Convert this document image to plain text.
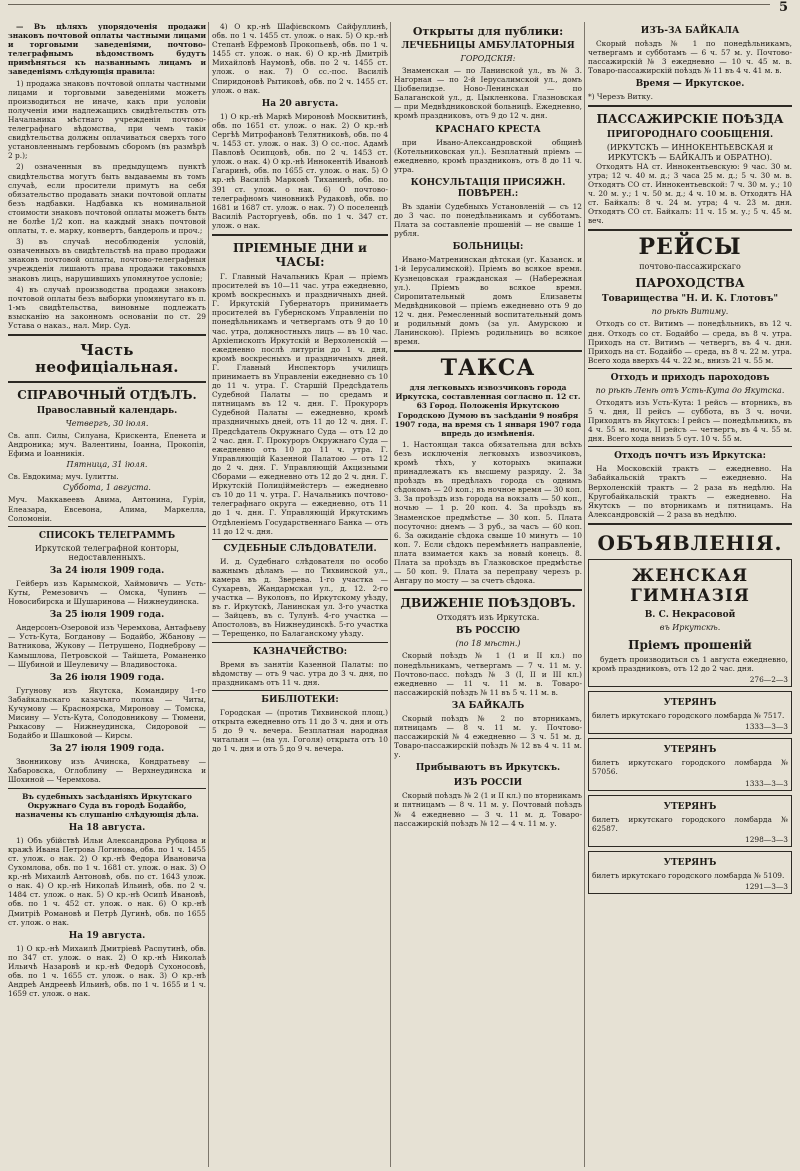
5

— Въ цѣляхъ упорядоченія продажи знаковъ почтовой оплаты частными лицами и торговыми заведеніями, почтово-телеграфнымъ вѣдомствомъ будутъ примѣняться къ названнымъ лицамъ и заведеніямъ слѣдующія правила:

1) продажа знаковъ почтовой оплаты частными лицами и торговыми заведеніями можетъ производиться не иначе, какъ при условіи полученія ими надлежащихъ свидѣтельствъ отъ Начальника мѣстнаго учрежденія почтово-телеграфнаго вѣдомства, при чемъ такія свидѣтельства должны оплачиваться сверхъ того установленнымъ гербовымъ сборомъ (въ размѣрѣ 2 р.);

2) означенныя въ предыдущемъ пунктѣ свидѣтельства могутъ быть выдаваемы въ томъ случаѣ, если просители примутъ на себя обязательство продавать знаки почтовой оплаты безъ надбавки. Надбавка къ номинальной стоимости знаковъ почтовой оплаты можетъ быть не болѣе 1/2 коп. на каждый знакъ почтовой оплаты, т. е. марку, конвертъ, бандероль и проч.;

3) въ случаѣ несоблюденія условій, означенныхъ въ свидѣтельствѣ на право продажи знаковъ почтовой оплаты, почтово-телеграфныя учрежденія лишаютъ права продажи таковыхъ знаковъ лицъ, нарушившихъ упомянутое условіе;

4) въ случаѣ производства продажи знаковъ почтовой оплаты безъ выборки упомянутаго въ п. 1-мъ свидѣтельства, виновные подлежатъ взысканію на законномъ основаніи по ст. 29 Устава о наказ., нал. Мир. Суд.

Часть неофиціальная.
СПРАВОЧНЫЙ ОТДѢЛЪ.
Православный календарь.
Четвергъ, 30 іюля.

Св. апп. Силы, Силуана, Крискента, Епенета и Андроника; муч. Валентины, Іоанна, Прокопія, Ефима и Іоанникія.

Пятница, 31 іюля.

Св. Евдокима; муч. Іулитты.

Суббота, 1 августа.

Муч. Маккавеевъ Авима, Антонина, Гурія, Елеазара, Евсевона, Алима, Маркелла, Соломоніи.

СПИСОКЪ ТЕЛЕГРАММЪ
Иркутской телеграфной конторы, недоставленныхъ.
За 24 іюля 1909 года.

Гейберъ изъ Карымской, Хаймовичъ — Усть-Куты, Ремезовичъ — Омска, Чупинъ — Новосибирска и Шушаринова — Нижнеудинска.

За 25 іюля 1909 года.

Андерсонъ-Озеровой изъ Черемхова, Антафьеву — Усть-Кута, Богданову — Бодайбо, Жбанову — Ватникова, Жукову — Петрушено, Поднеброву — Камышлова, Петровской — Тайшета, Романенко — Шубиной и Шеулевичу — Владивостока.

За 26 іюля 1909 года.

Гугунову изъ Якутска, Командиру 1-го Забайкальскаго казачьяго полка — Читы, Кучумову — Красноярска, Миронову — Томска, Мисину — Усть-Кута, Солодовникову — Тюмени, Рыкасову — Нижнеудинска, Сидоровой — Бодайбо и Шашковой — Кирсы.

За 27 іюля 1909 года.

Звонникову изъ Ачинска, Кондратьеву — Хабаровска, Оглоблину — Верхнеудинска и Шохиной — Черемхова.

Въ судебныхъ засѣданіяхъ Иркутскаго Окружнаго Суда въ городѣ Бодайбо, назначены къ слушанію слѣдующія дѣла.

На 18 августа.

1) Объ убійствѣ Ильи Александрова Рубцова и кражѣ Ивана Петрова Логинова, обв. по 1 ч. 1455 ст. улож. о нак. 2) О кр.-нѣ Федора Ивановича Сухомлова, обв. по 1 ч. 1681 ст. улож. о нак. 3) О кр.-нѣ Михаилѣ Антоновѣ, обв. по ст. 1643 улож. о нак. 4) О кр.-нѣ Николаѣ Ильинѣ, обв. по 2 ч. 1484 ст. улож. о нак. 5) О кр.-нѣ Осипѣ Ивановѣ, обв. по 1 ч. 452 ст. улож. о нак. 6) О кр.-нѣ Дмитріѣ Романовѣ и Петрѣ Дугинѣ, обв. по 1655 ст. улож. о нак.

На 19 августа.

1) О кр.-нѣ Михаилѣ Дмитріевѣ Распутинѣ, обв. по 347 ст. улож. о нак. 2) О кр.-нѣ Николаѣ Ильичѣ Назаровѣ и кр.-нѣ Федорѣ Сухоносовѣ, обв. по 1 ч. 1655 ст. улож. о нак. 3) О кр.-нѣ Андреѣ Андреевѣ Ильинѣ, обв. по 1 ч. 1655 и 1 ч. 1659 ст. улож. о нак.

4) О кр.-нѣ Шафієвскомъ Сайфуллинѣ, обв. по 1 ч. 1455 ст. улож. о нак. 5) О кр.-нѣ Степанѣ Ефремовѣ Прокопьевѣ, обв. по 1 ч. 1455 ст. улож. о нак. 6) О кр.-нѣ Дмитріѣ Михайловѣ Наумовѣ, обв. по 2 ч. 1455 ст. улож. о нак. 7) О сс.-пос. Василіѣ Спиридоновѣ Рытиковѣ, обв. по 2 ч. 1455 ст. улож. о нак.

На 20 августа.

1) О кр.-нѣ Маркѣ Мироновѣ Москвитинѣ, обв. по 1651 ст. улож. о нак. 2) О кр.-нѣ Сергѣѣ Митрофановѣ Телятниковѣ, обв. по 4 ч. 1453 ст. улож. о нак. 3) О сс.-пос. Адамѣ Павловѣ Осипцовѣ, обв. по 2 ч. 1453 ст. улож. о нак. 4) О кр.-нѣ Иннокентіѣ Ивановѣ Гагаринѣ, обв. по 1655 ст. улож. о нак. 5) О кр.-нѣ Василіѣ Марковѣ Тиханинѣ, обв. по 391 ст. улож. о нак. 6) О почтово-телеграфномъ чиновникѣ Рудаковѣ, обв. по 1681 и 1687 ст. улож. о нак. 7) О поселенцѣ Василіѣ Растоpгуевѣ, обв. по 1 ч. 347 ст. улож. о нак.

ПРІЕМНЫЕ ДНИ и ЧАСЫ:

Г. Главный Начальникъ Края — пріемъ просителей въ 10—11 час. утра ежедневно, кромѣ воскресныхъ и праздничныхъ дней. Г. Иркутскій Губернаторъ принимаетъ просителей въ Губернскомъ Управленіи по понедѣльникамъ и четвергамъ отъ 9 до 10 час. утра, должностныхъ лицъ — въ 10 час. Архіепископъ Иркутскій и Верхоленскій — ежедневно послѣ литургіи до 1 ч. дня, кромѣ воскресныхъ и праздничныхъ дней. Г. Главный Инспекторъ училищъ принимаетъ въ Управленіи ежедневно съ 10 до 11 ч. утра. Г. Старшій Предсѣдатель Судебной Палаты — по средамъ и пятницамъ въ 12 ч. дня. Г. Прокуроръ Судебной Палаты — ежедневно, кромѣ праздничныхъ дней, отъ 11 до 12 ч. дня. Г. Предсѣдатель Окружнаго Суда — отъ 12 до 2 час. дня. Г. Прокуроръ Окружнаго Суда — ежедневно отъ 10 до 11 ч. утра. Г. Управляющій Казенной Палатою — отъ 12 до 2 ч. дня. Г. Управляющій Акцизными Сборами — ежедневно отъ 12 до 2 ч. дня. Г. Иркутскій Полиціймейстеръ — ежедневно съ 10 до 11 ч. утра. Г. Начальникъ почтово-телеграфнаго округа — ежедневно, отъ 11 до 1 ч. дня. Г. Управляющій Иркутскимъ Отдѣленіемъ Государственнаго Банка — отъ 11 до 12 ч. дня.

СУДЕБНЫЕ СЛѢДОВАТЕЛИ.

И. д. Судебнаго слѣдователя по особо важнымъ дѣламъ — по Тихвинской ул., камера въ д. Зверева. 1-го участка — Сухаревъ, Жандармская ул., д. 12. 2-го участка — Вуколовъ, по Иркутскому уѣзду, въ г. Иркутскѣ, Ланинская ул. 3-го участка — Зайцевъ, въ с. Тулунѣ. 4-го участка — Апостоловъ, въ Нижнеудинскѣ. 5-го участка — Терещенко, по Балаганскому уѣзду.

КАЗНАЧЕЙСТВО:

Время въ занятіи Казенной Палаты: по вѣдомству — отъ 9 час. утра до 3 ч. дня, по праздникамъ отъ 11 ч. дня.

БИБЛІОТЕКИ:

Городская — (против Тихвинской площ.) открыта ежедневно отъ 11 до 3 ч. дня и отъ 5 до 9 ч. вечера. Безплатная народная читальня — (на ул. Гоголя) открыта отъ 10 до 1 ч. дня и отъ 5 до 9 ч. вечера.

Открыты для публики:
ЛЕЧЕБНИЦЫ АМБУЛАТОРНЫЯ
ГОРОДСКІЯ:

Знаменская — по Ланинской ул., въ № 3. Нагорная — по 2-й Іерусалимской ул., домъ Ціобвелидзе. Ново-Ленинская — по Балаганской ул., д. Цыкленкова. Глазновская — при Медвѣдниковской больницѣ. Ежедневно, кромѣ праздниковъ, отъ 9 до 12 ч. дня.

КРАСНАГО КРЕСТА

при Ивано-Александровской общинѣ (Котельниковская ул.). Безплатный пріемъ — ежедневно, кромѣ праздниковъ, отъ 8 до 11 ч. утра.

КОНСУЛЬТАЦІЯ ПРИСЯЖН. ПОВѢРЕН.:

Въ зданіи Судебныхъ Установленій — съ 12 до 3 час. по понедѣльникамъ и субботамъ. Плата за составленіе прошеній — не свыше 1 рубля.

БОЛЬНИЦЫ:

Ивано-Матренинская дѣтская (уг. Казанск. и 1-й Іерусалимской). Пріемъ во всякое время. Кузнецовская гражданская — (Набережная ул.). Пріемъ во всякое время. Сиропитательный домъ Елизаветы Медвѣдниковой — пріемъ ежедневно отъ 9 до 12 ч. дня. Ремесленный воспитательный домъ и родильный домъ (за ул. Амурскою и Ланинскою). Пріемъ родильницъ во всякое время.

ТАКСА

для легковыхъ извозчиковъ города Иркутска, составленная согласно п. 12 ст. 63 Город. Положенія Иркутскою Городскою Думою въ засѣданіи 9 ноября 1907 года, на время съ 1 января 1907 года впредь до измѣненія.

1. Настоящая такса обязательна для всѣхъ безъ исключенія легковыхъ извозчиковъ, кромѣ тѣхъ, у которыхъ экипажи принадлежатъ къ высшему разряду. 2. За проѣздъ въ предѣлахъ города съ однимъ сѣдокомъ — 20 коп.; въ ночное время — 30 коп. 3. За проѣздъ изъ города на вокзалъ — 50 коп., ночью — 1 р. 20 коп. 4. За проѣздъ въ Знаменское предмѣстье — 30 коп. 5. Плата посуточно: днемъ — 3 руб., за часъ — 60 коп. 6. За ожиданіе сѣдока свыше 10 минутъ — 10 коп. 7. Если сѣдокъ перемѣняетъ направленіе, плата взимается какъ за новый конецъ. 8. Плата за проѣздъ въ Глазковское предмѣстье — 50 коп. 9. Плата за переправу черезъ р. Ангару по мосту — за счетъ сѣдока.

ДВИЖЕНІЕ ПОѢЗДОВЪ.
Отходятъ изъ Иркутска.
ВЪ РОССІЮ
(по 18 мѣстн.)

Скорый поѣздъ № 1 (1 и II кл.) по понедѣльникамъ, четвергамъ — 7 ч. 11 м. у. Почтово-пасс. поѣздъ № 3 (I, II и III кл.) ежедневно — 11 ч. 11 м. в. Товаро-пассажирскій поѣздъ № 11 въ 5 ч. 11 м. в.

ЗА БАЙКАЛЪ

Скорый поѣздъ № 2 по вторникамъ, пятницамъ — 8 ч. 11 м. у. Почтово-пассажирскій № 4 ежедневно — 3 ч. 51 м. д. Товаро-пассажирскій поѣздъ № 12 въ 4 ч. 11 м. у.

Прибываютъ въ Иркутскъ.
ИЗЪ РОССІИ

Скорый поѣздъ № 2 (1 и II кл.) по вторникамъ и пятницамъ — 8 ч. 11 м. у. Почтовый поѣздъ № 4 ежедневно — 3 ч. 11 м. д. Товаро-пассажирскій поѣздъ № 12 — 4 ч. 11 м. у.

ИЗЪ-ЗА БАЙКАЛА

Скорый поѣздъ № 1 по понедѣльникамъ, четвергамъ и субботамъ — 6 ч. 57 м. у. Почтово-пассажирскій № 3 ежедневно — 10 ч. 45 м. в. Товаро-пассажирскій поѣздъ № 11 въ 4 ч. 41 м. в.

Время — Иркутское.

*) Черезъ Витку.

ПАССАЖИРСКІЕ ПОѢЗДА
ПРИГОРОДНАГО СООБЩЕНІЯ.
(ИРКУТСКЪ — ИННОКЕНТЬЕВСКАЯ и ИРКУТСКЪ — БАЙКАЛЪ и ОБРАТНО).

Отходятъ НА ст. Иннокентьевскую: 9 час. 30 м. утра; 12 ч. 40 м. д.; 3 часа 25 м. д.; 5 ч. 30 м. в. Отходятъ СО ст. Иннокентьевской: 7 ч. 30 м. у.; 10 ч. 20 м. у.; 1 ч. 50 м. д.; 4 ч. 10 м. в. Отходятъ НА ст. Байкалъ: 8 ч. 24 м. утра; 4 ч. 23 м. дня. Отходятъ СО ст. Байкалъ: 11 ч. 15 м. у.; 5 ч. 45 м. веч.

РЕЙСЫ
почтово-пассажирскаго
ПАРОХОДСТВА
Товарищества "Н. И. К. Глотовъ"
по рѣкѣ Витиму.

Отходъ со ст. Витимъ — понедѣльникъ, въ 12 ч. дня. Отходъ со ст. Бодайбо — среда, въ 8 ч. утра. Приходъ на ст. Витимъ — четвергъ, въ 4 ч. дня. Приходъ на ст. Бодайбо — среда, въ 8 ч. 22 м. утра. Всего хода вверхъ 44 ч. 22 м., внизъ 21 ч. 55 м.

Отходъ и приходъ пароходовъ
по рѣкѣ Ленѣ отъ Усть-Кута до Якутска.

Отходятъ изъ Усть-Кута: 1 рейсъ — вторникъ, въ 5 ч. дня, II рейсъ — суббота, въ 3 ч. ночи. Приходятъ въ Якутскъ: I рейсъ — понедѣльникъ, въ 4 ч. 55 м. ночи, II рейсъ — четвергъ, въ 4 ч. 55 м. дня. Всего хода внизъ 5 сут. 10 ч. 55 м.

Отходъ почтъ изъ Иркутска:

На Московскій трактъ — ежедневно. На Забайкальскій трактъ — ежедневно. На Верхоленскій трактъ — 2 раза въ недѣлю. На Кругобайкальскій трактъ — ежедневно. На Якутскъ — по вторникамъ и пятницамъ. На Александровскій — 2 раза въ недѣлю.

ОБЪЯВЛЕНІЯ.
ЖЕНСКАЯ ГИМНАЗІЯ
В. С. Некрасовой
въ Иркутскѣ.
Пріемъ прошеній

будетъ производиться съ 1 августа ежедневно, кромѣ праздниковъ, отъ 12 до 2 час. дня.

276—2—3
УТЕРЯНЪ

билетъ иркутскаго городского ломбарда № 7517.

1333—3—3
УТЕРЯНЪ

билетъ иркутскаго городского ломбарда № 57056.

1333—3—3
УТЕРЯНЪ

билетъ иркутскаго городского ломбарда № 62587.

1298—3—3
УТЕРЯНЪ

билетъ иркутскаго городского ломбарда № 5109.

1291—3—3
